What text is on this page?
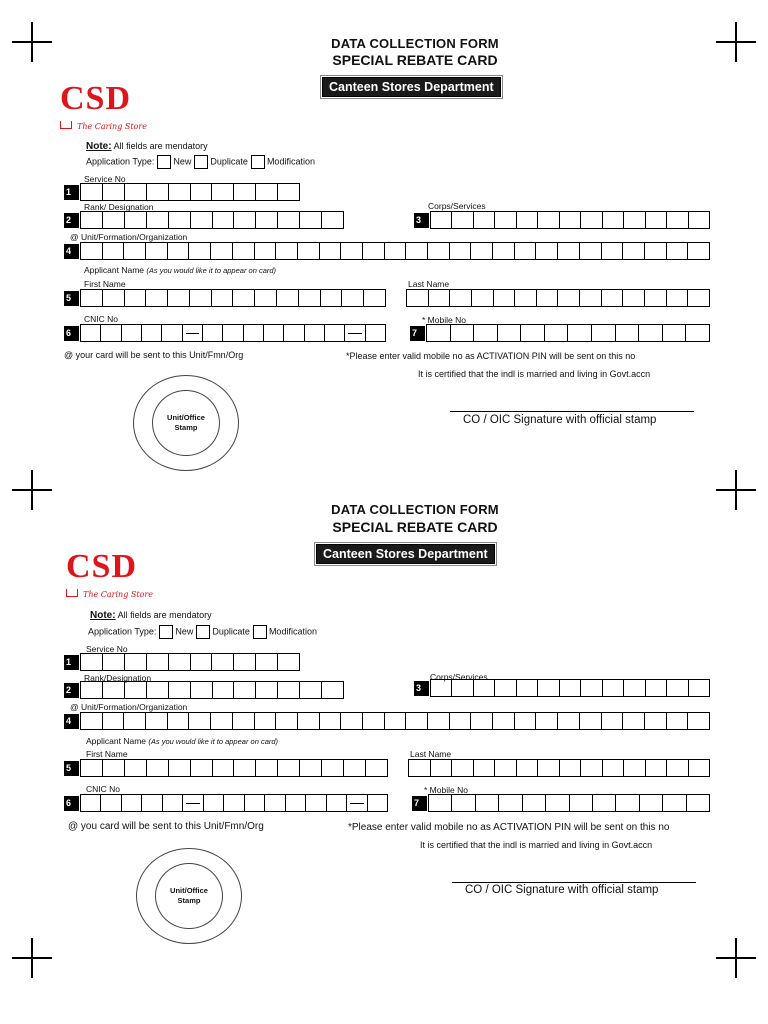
DATA COLLECTION FORM
SPECIAL REBATE CARD
Canteen Stores Department
CSD
The Caring Store
Note: All fields are mendatory
Application Type: New Duplicate Modification
Service No
1
Rank/ Designation
2
Corps/Services
3
@ Unit/Formation/Organization
4
Applicant Name (As you would like it to appear on card)
First Name	Last Name
5
CNIC No	* Mobile No
6	7
@ your card will be sent to this Unit/Fmn/Org	*Please enter valid mobile no as ACTIVATION PIN will be sent on this no
It is certified that the indl is married and living in Govt.accn
Unit/Office
Stamp
CO / OIC Signature with official stamp
DATA COLLECTION FORM
SPECIAL REBATE CARD
Canteen Stores Department
CSD
The Caring Store
Note: All fields are mendatory
Application Type: New Duplicate Modification
Service No
1
Rank/Designation
2
Corps/Services
3
@ Unit/Formation/Organization
4
Applicant Name (As you would like it to appear on card)
First Name	Last Name
5
CNIC No	* Mobile No
6	7
@ you card will be sent to this Unit/Fmn/Org	*Please enter valid mobile no as ACTIVATION PIN will be sent on this no
It is certified that the indl is married and living in Govt.accn
Unit/Office
Stamp
CO / OIC Signature with official stamp
